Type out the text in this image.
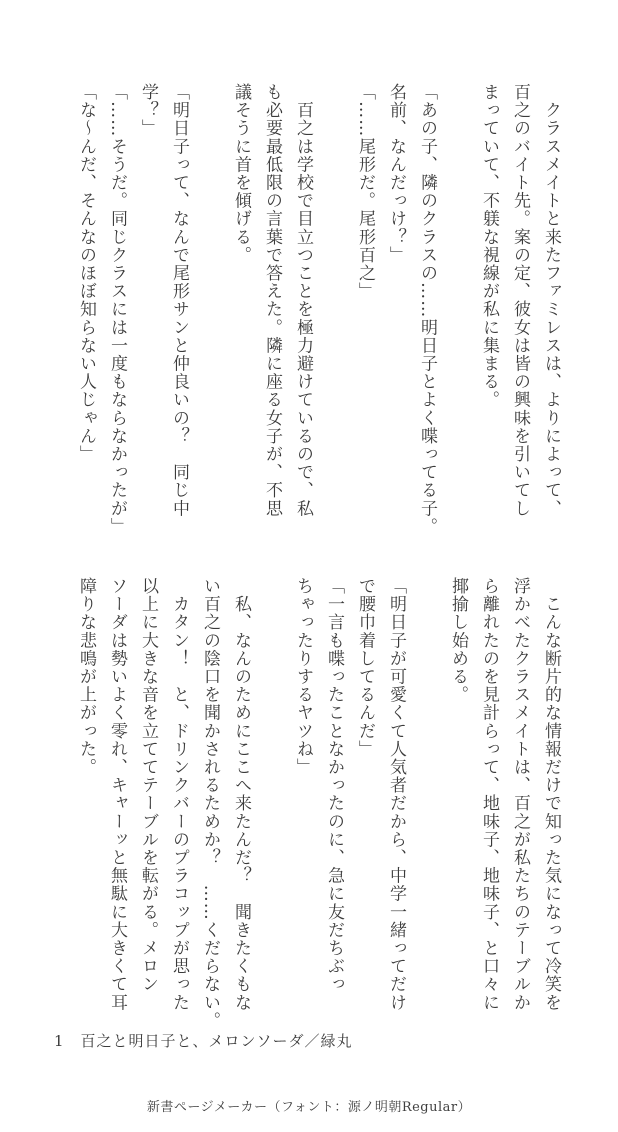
　クラスメイトと来たファミレスは、よりによって、
百之のバイト先。案の定、彼女は皆の興味を引いてし
まっていて、不躾な視線が私に集まる。

「あの子、隣のクラスの……明日子とよく喋ってる子。
名前、なんだっけ？」
「……尾形だ。尾形百之」

　百之は学校で目立つことを極力避けているので、私
も必要最低限の言葉で答えた。隣に座る女子が、不思
議そうに首を傾げる。

「明日子って、なんで尾形サンと仲良いの？　同じ中
学？」
「……そうだ。同じクラスには一度もならなかったが」
「な〜んだ、そんなのほぼ知らない人じゃん」
　こんな断片的な情報だけで知った気になって冷笑を
浮かべたクラスメイトは、百之が私たちのテーブルか
ら離れたのを見計らって、地味子、地味子、と口々に
揶揄し始める。

「明日子が可愛くて人気者だから、中学一緒ってだけ
で腰巾着してるんだ」
「一言も喋ったことなかったのに、急に友だちぶっ
ちゃったりするヤツね」

　私、なんのためにここへ来たんだ？　聞きたくもな
い百之の陰口を聞かされるためか？　……くだらない。
　カタン！　と、ドリンクバーのプラコップが思った
以上に大きな音を立ててテーブルを転がる。メロン
ソーダは勢いよく零れ、キャーッと無駄に大きくて耳
障りな悲鳴が上がった。
1　百之と明日子と、メロンソーダ／緑丸
新書ページメーカー（フォント：源ノ明朝Regular）
